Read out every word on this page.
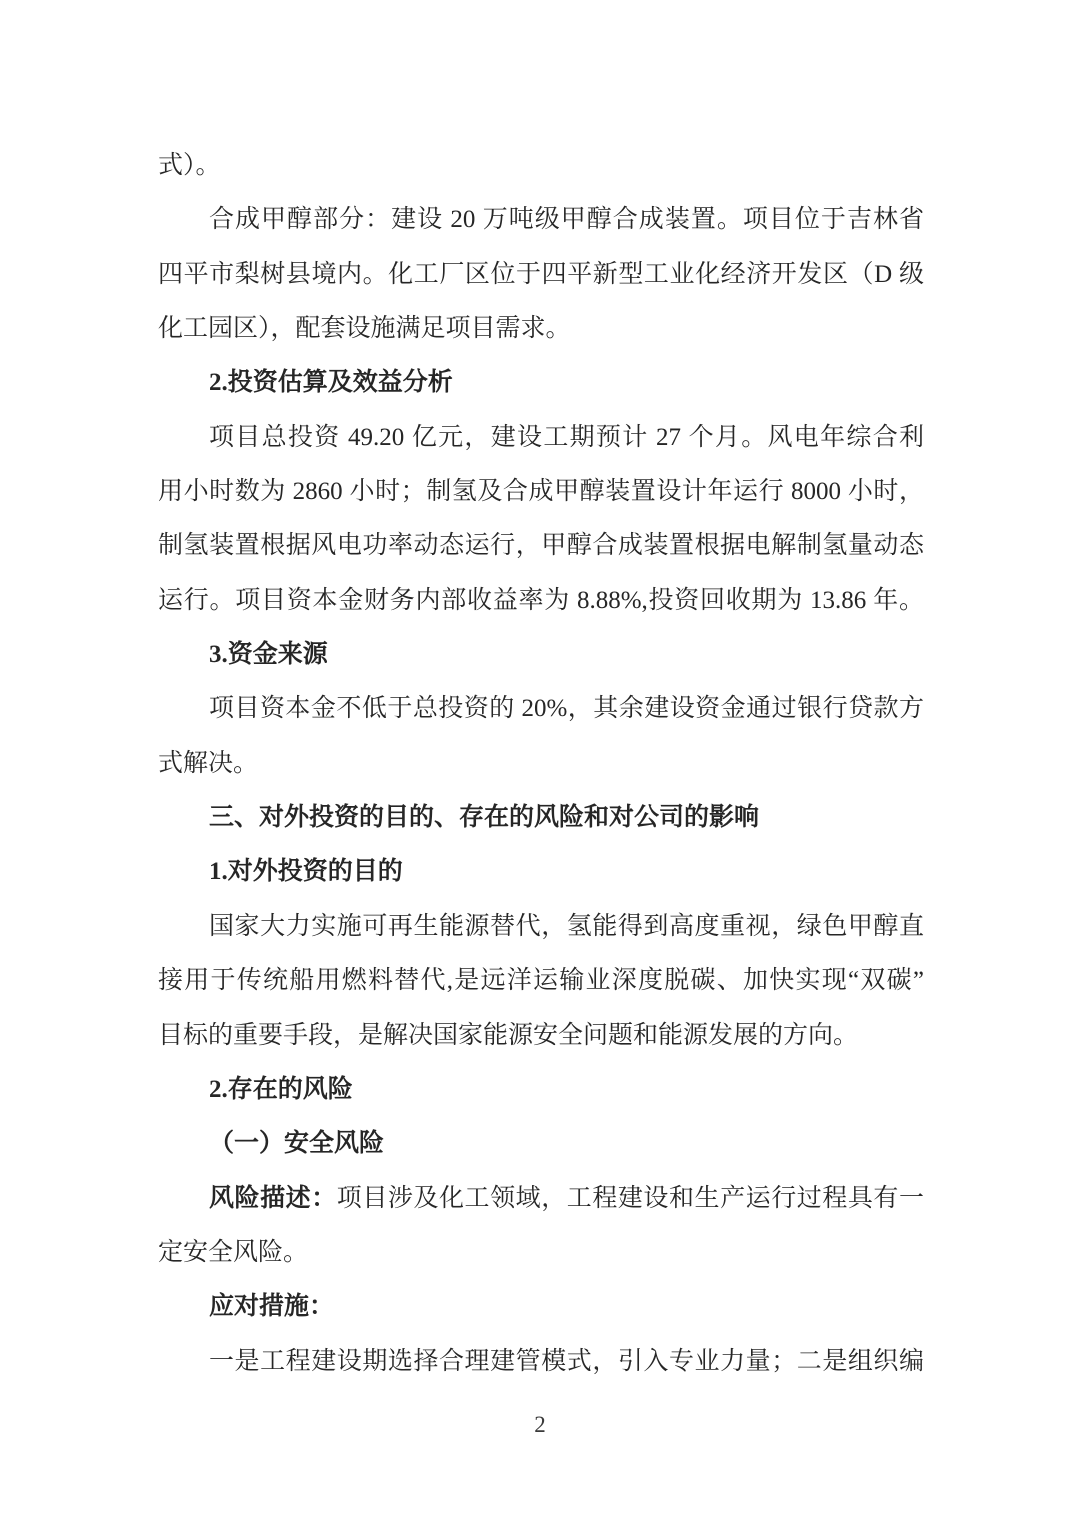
式）。
合成甲醇部分：建设 20 万吨级甲醇合成装置。项目位于吉林省
四平市梨树县境内。化工厂区位于四平新型工业化经济开发区（D 级
化工园区），配套设施满足项目需求。
2.投资估算及效益分析
项目总投资 49.20 亿元，建设工期预计 27 个月。风电年综合利
用小时数为 2860 小时；制氢及合成甲醇装置设计年运行 8000 小时，
制氢装置根据风电功率动态运行，甲醇合成装置根据电解制氢量动态
运行。项目资本金财务内部收益率为 8.88%,投资回收期为 13.86 年。
3.资金来源
项目资本金不低于总投资的 20%，其余建设资金通过银行贷款方
式解决。
三、对外投资的目的、存在的风险和对公司的影响
1.对外投资的目的
国家大力实施可再生能源替代，氢能得到高度重视，绿色甲醇直
接用于传统船用燃料替代,是远洋运输业深度脱碳、加快实现“双碳”
目标的重要手段，是解决国家能源安全问题和能源发展的方向。
2.存在的风险
（一）安全风险
风险描述：项目涉及化工领域，工程建设和生产运行过程具有一
定安全风险。
应对措施：
一是工程建设期选择合理建管模式，引入专业力量；二是组织编
2
